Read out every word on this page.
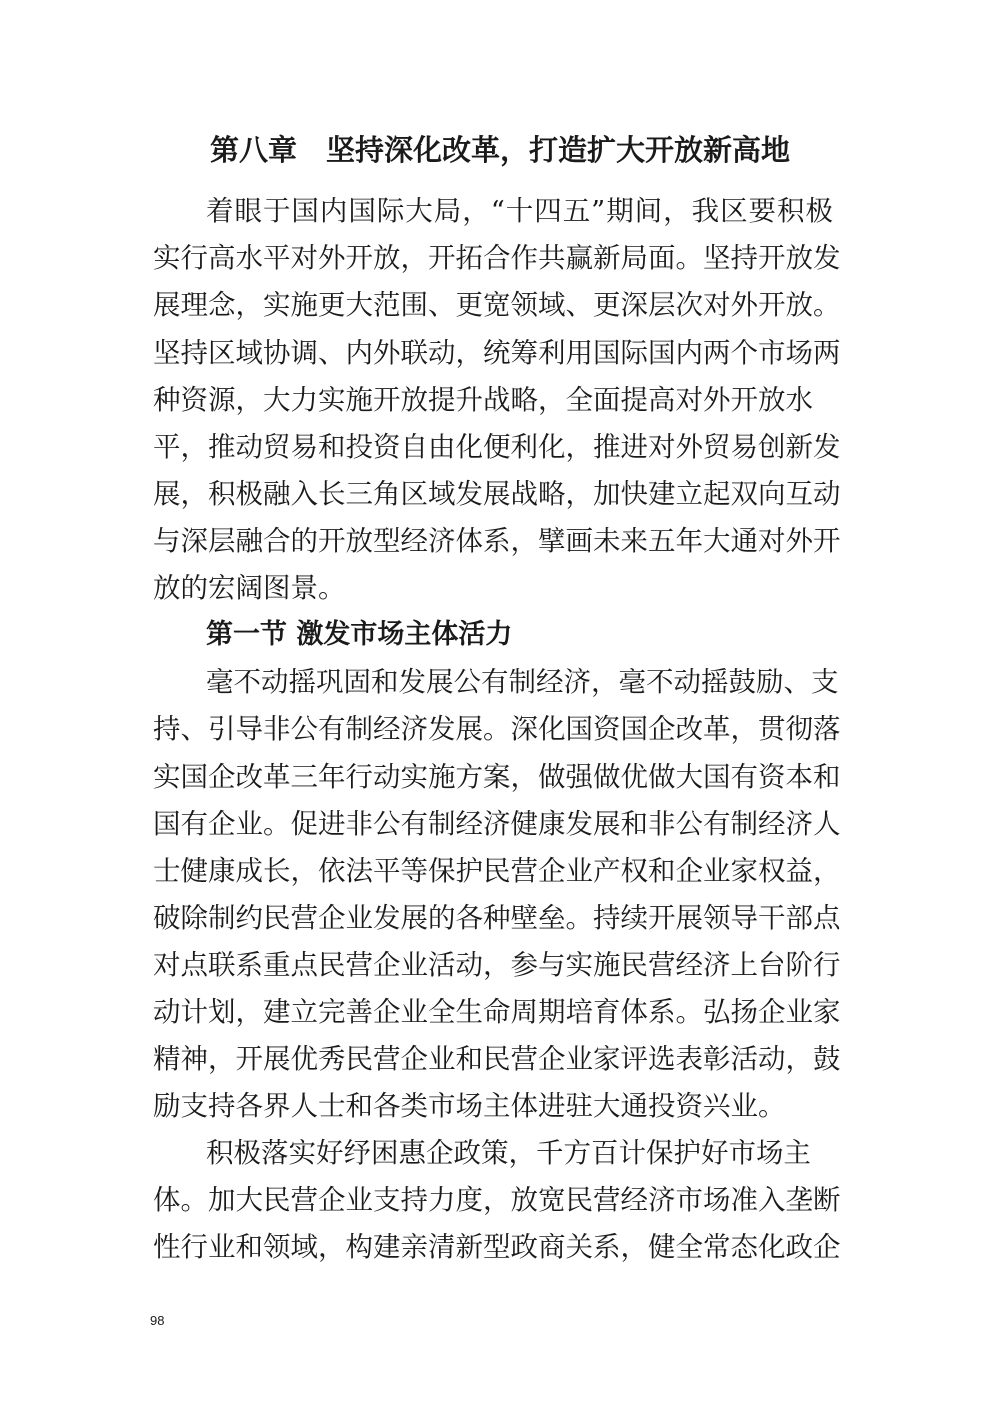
第八章　坚持深化改革，打造扩大开放新高地

着眼于国内国际大局，“十四五”期间，我区要积极

实行高水平对外开放，开拓合作共赢新局面。坚持开放发

展理念，实施更大范围、更宽领域、更深层次对外开放。

坚持区域协调、内外联动，统筹利用国际国内两个市场两

种资源，大力实施开放提升战略，全面提高对外开放水

平，推动贸易和投资自由化便利化，推进对外贸易创新发

展，积极融入长三角区域发展战略，加快建立起双向互动

与深层融合的开放型经济体系，擘画未来五年大通对外开

放的宏阔图景。

第一节 激发市场主体活力

毫不动摇巩固和发展公有制经济，毫不动摇鼓励、支

持、引导非公有制经济发展。深化国资国企改革，贯彻落

实国企改革三年行动实施方案，做强做优做大国有资本和

国有企业。促进非公有制经济健康发展和非公有制经济人

士健康成长，依法平等保护民营企业产权和企业家权益，

破除制约民营企业发展的各种壁垒。持续开展领导干部点

对点联系重点民营企业活动，参与实施民营经济上台阶行

动计划，建立完善企业全生命周期培育体系。弘扬企业家

精神，开展优秀民营企业和民营企业家评选表彰活动，鼓

励支持各界人士和各类市场主体进驻大通投资兴业。

积极落实好纾困惠企政策，千方百计保护好市场主

体。加大民营企业支持力度，放宽民营经济市场准入垄断

性行业和领域，构建亲清新型政商关系，健全常态化政企

98
